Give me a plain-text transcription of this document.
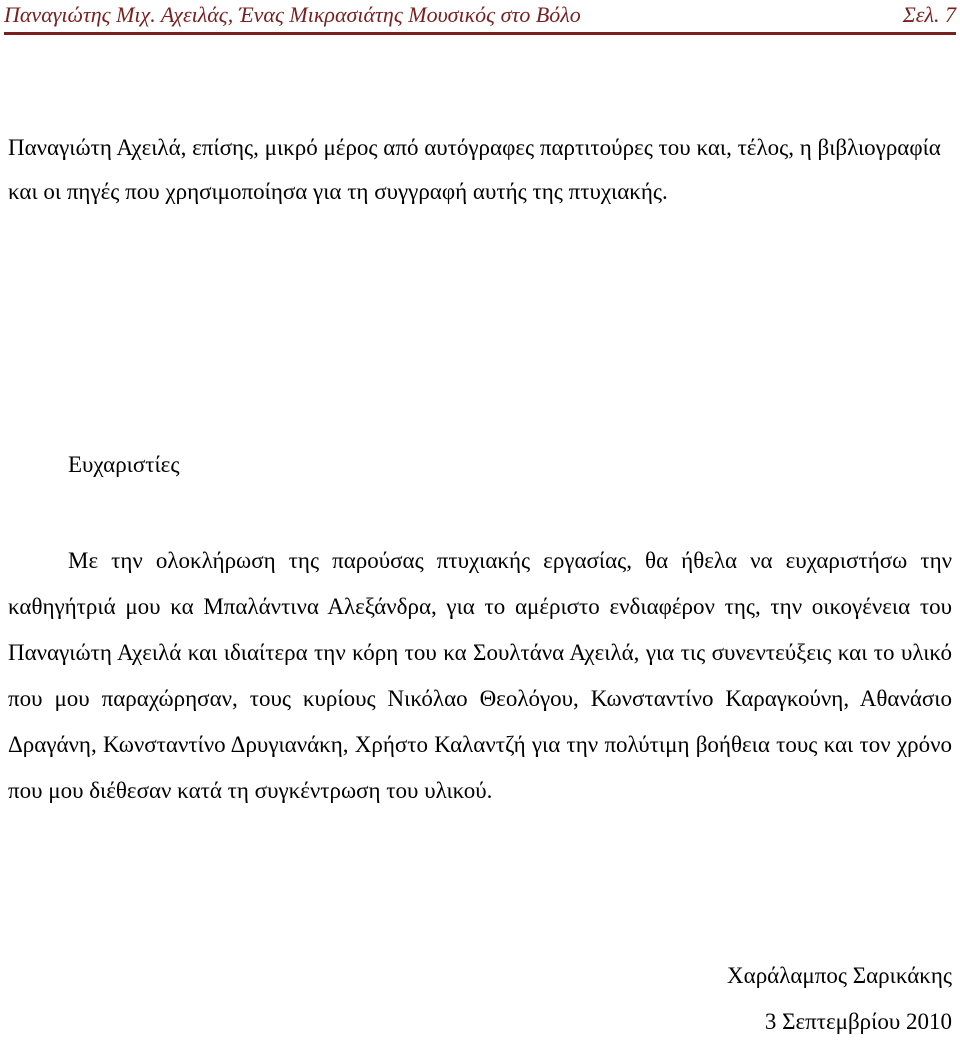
Παναγιώτης Μιχ. Αχειλάς, Ένας Μικρασιάτης Μουσικός στο Βόλο	Σελ. 7

Παναγιώτη Αχειλά, επίσης, μικρό μέρος από αυτόγραφες παρτιτούρες του και, τέλος, η βιβλιογραφία και οι πηγές που χρησιμοποίησα για τη συγγραφή αυτής της πτυχιακής.

Ευχαριστίες

Με την ολοκλήρωση της παρούσας πτυχιακής εργασίας, θα ήθελα να ευχαριστήσω την καθηγήτριά μου κα Μπαλάντινα Αλεξάνδρα, για το αμέριστο ενδιαφέρον της, την οικογένεια του Παναγιώτη Αχειλά και ιδιαίτερα την κόρη του κα Σουλτάνα Αχειλά, για τις συνεντεύξεις και το υλικό που μου παραχώρησαν, τους κυρίους Νικόλαο Θεολόγου, Κωνσταντίνο Καραγκούνη, Αθανάσιο Δραγάνη, Κωνσταντίνο Δρυγιανάκη, Χρήστο Καλαντζή για την πολύτιμη βοήθεια τους και τον χρόνο που μου διέθεσαν κατά τη συγκέντρωση του υλικού.

Χαράλαμπος Σαρικάκης
3 Σεπτεμβρίου 2010
